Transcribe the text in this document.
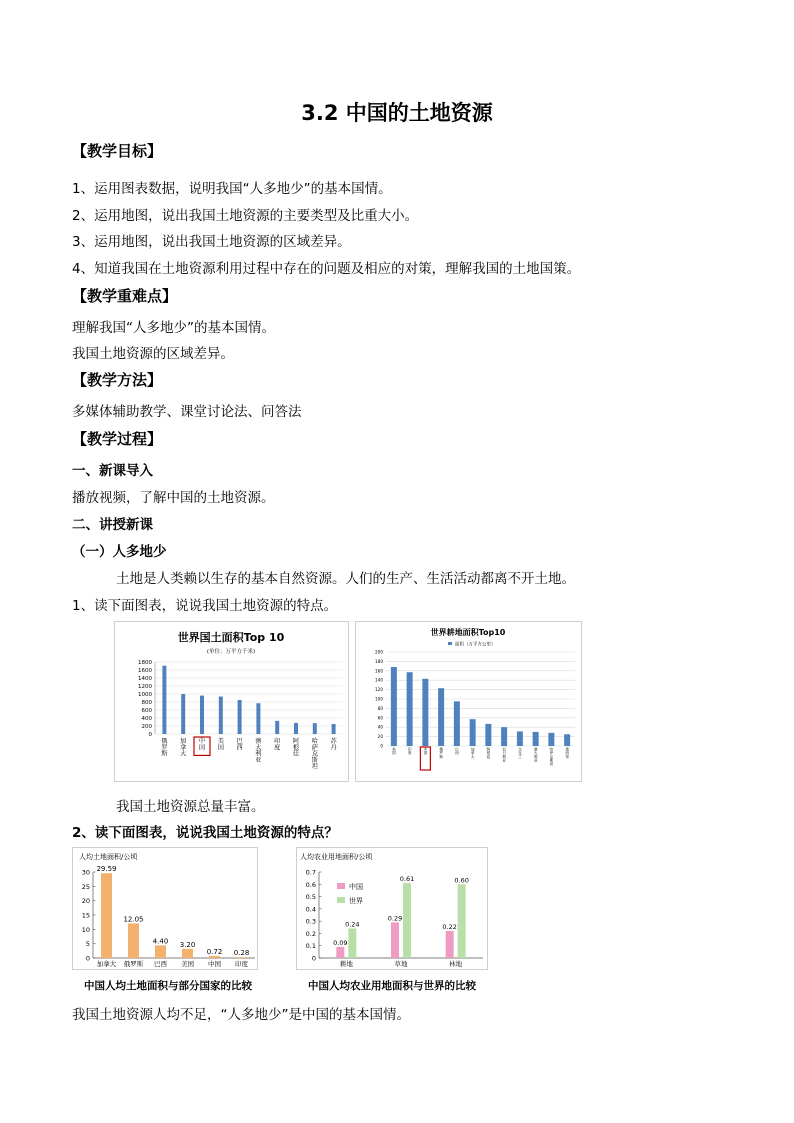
3.2 中国的土地资源
【教学目标】
1、运用图表数据，说明我国“人多地少”的基本国情。
2、运用地图，说出我国土地资源的主要类型及比重大小。
3、运用地图，说出我国土地资源的区域差异。
4、知道我国在土地资源利用过程中存在的问题及相应的对策，理解我国的土地国策。
【教学重难点】
理解我国“人多地少”的基本国情。
我国土地资源的区域差异。
【教学方法】
多媒体辅助教学、课堂讨论法、问答法
【教学过程】
一、新课导入
播放视频，了解中国的土地资源。
二、讲授新课
（一）人多地少
土地是人类赖以生存的基本自然资源。人们的生产、生活活动都离不开土地。
1、读下面图表，说说我国土地资源的特点。
世界国土面积Top 10
(单位：万平方千米)
0
200
400
600
800
1000
1200
1400
1600
1800
俄罗斯
加拿大
中国
美国
巴西
澳大利亚
印度
阿根廷
哈萨克斯坦
苏丹
世界耕地面积Top10
面积（万平方公里）
0
20
40
60
80
100
120
140
160
180
200
美国
印度
中国
俄罗斯
巴西
加拿大
阿根廷
尼日利亚
乌克兰
澳大利亚
哈萨克斯坦
墨西哥
我国土地资源总量丰富。
2、读下面图表，说说我国土地资源的特点？
人均土地面积/公顷
0
5
10
15
20
25
30 29.59
加拿大
12.05
俄罗斯
4.40
巴西
3.20
美国
0.72
中国
0.28
印度
中国人均土地面积与部分国家的比较
人均农业用地面积/公顷
中国
世界
0
0.1
0.2
0.3
0.4
0.5
0.6
0.7
0.09
0.24
耕地
0.29
0.61
草地
0.22
0.60
林地
中国人均农业用地面积与世界的比较
我国土地资源人均不足，“人多地少”是中国的基本国情。
